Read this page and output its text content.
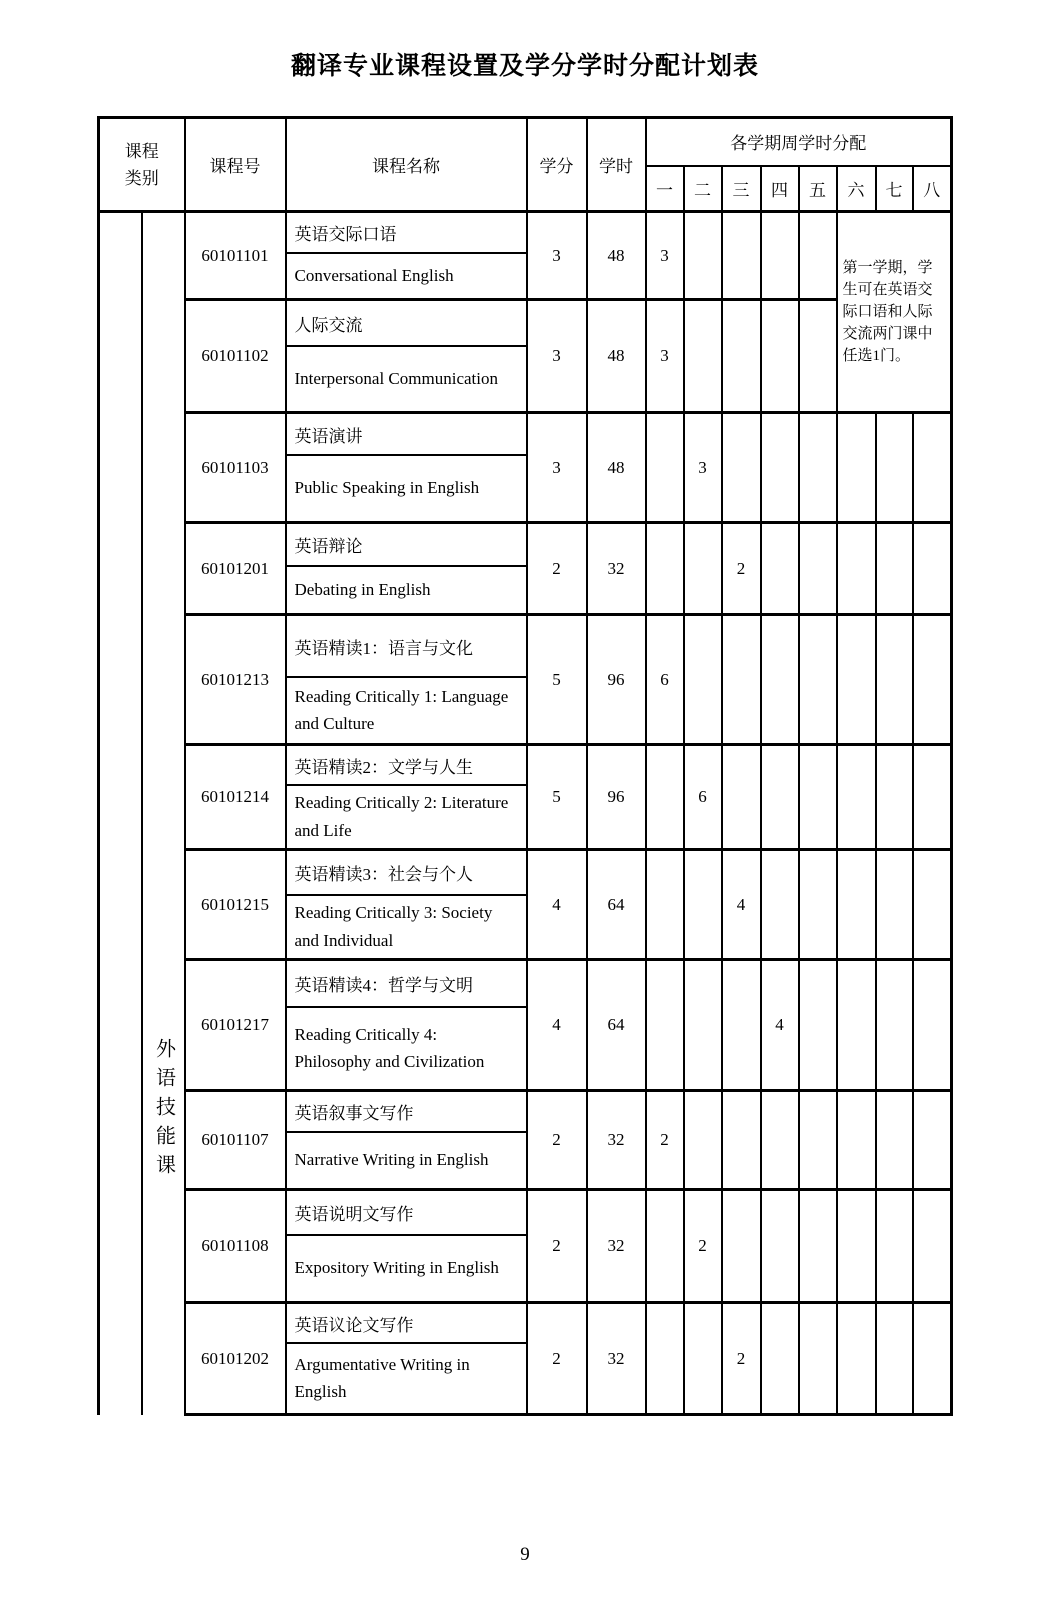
翻译专业课程设置及学分学时分配计划表
课程类别		课程号	课程名称	学分	学时	各学期周学时分配							
						一	二	三	四	五	六	七	八
	外语技能课	60101101	英语交际口语
Conversational English	3	48	3					第一学期，学生可在英语交际口语和人际交流两门课中任选1门。		

		60101102	人际交流
Interpersonal Communication	3	48	3							
		60101103	英语演讲
Public Speaking in English	3	48		3						
		60101201	英语辩论
Debating in English	2	32			2					
		60101213	英语精读1：语言与文化
Reading Critically 1: Language and Culture	5	96	6							
		60101214	英语精读2：文学与人生
Reading Critically 2: Literature and Life	5	96		6						
		60101215	英语精读3：社会与个人
Reading Critically 3: Society and Individual	4	64			4					
		60101217	英语精读4：哲学与文明
Reading Critically 4: Philosophy and Civilization	4	64				4				
		60101107	英语叙事文写作
Narrative Writing in English	2	32	2							
		60101108	英语说明文写作
Expository Writing in English	2	32		2						
		60101202	英语议论文写作
Argumentative Writing in English	2	32			2					
9
